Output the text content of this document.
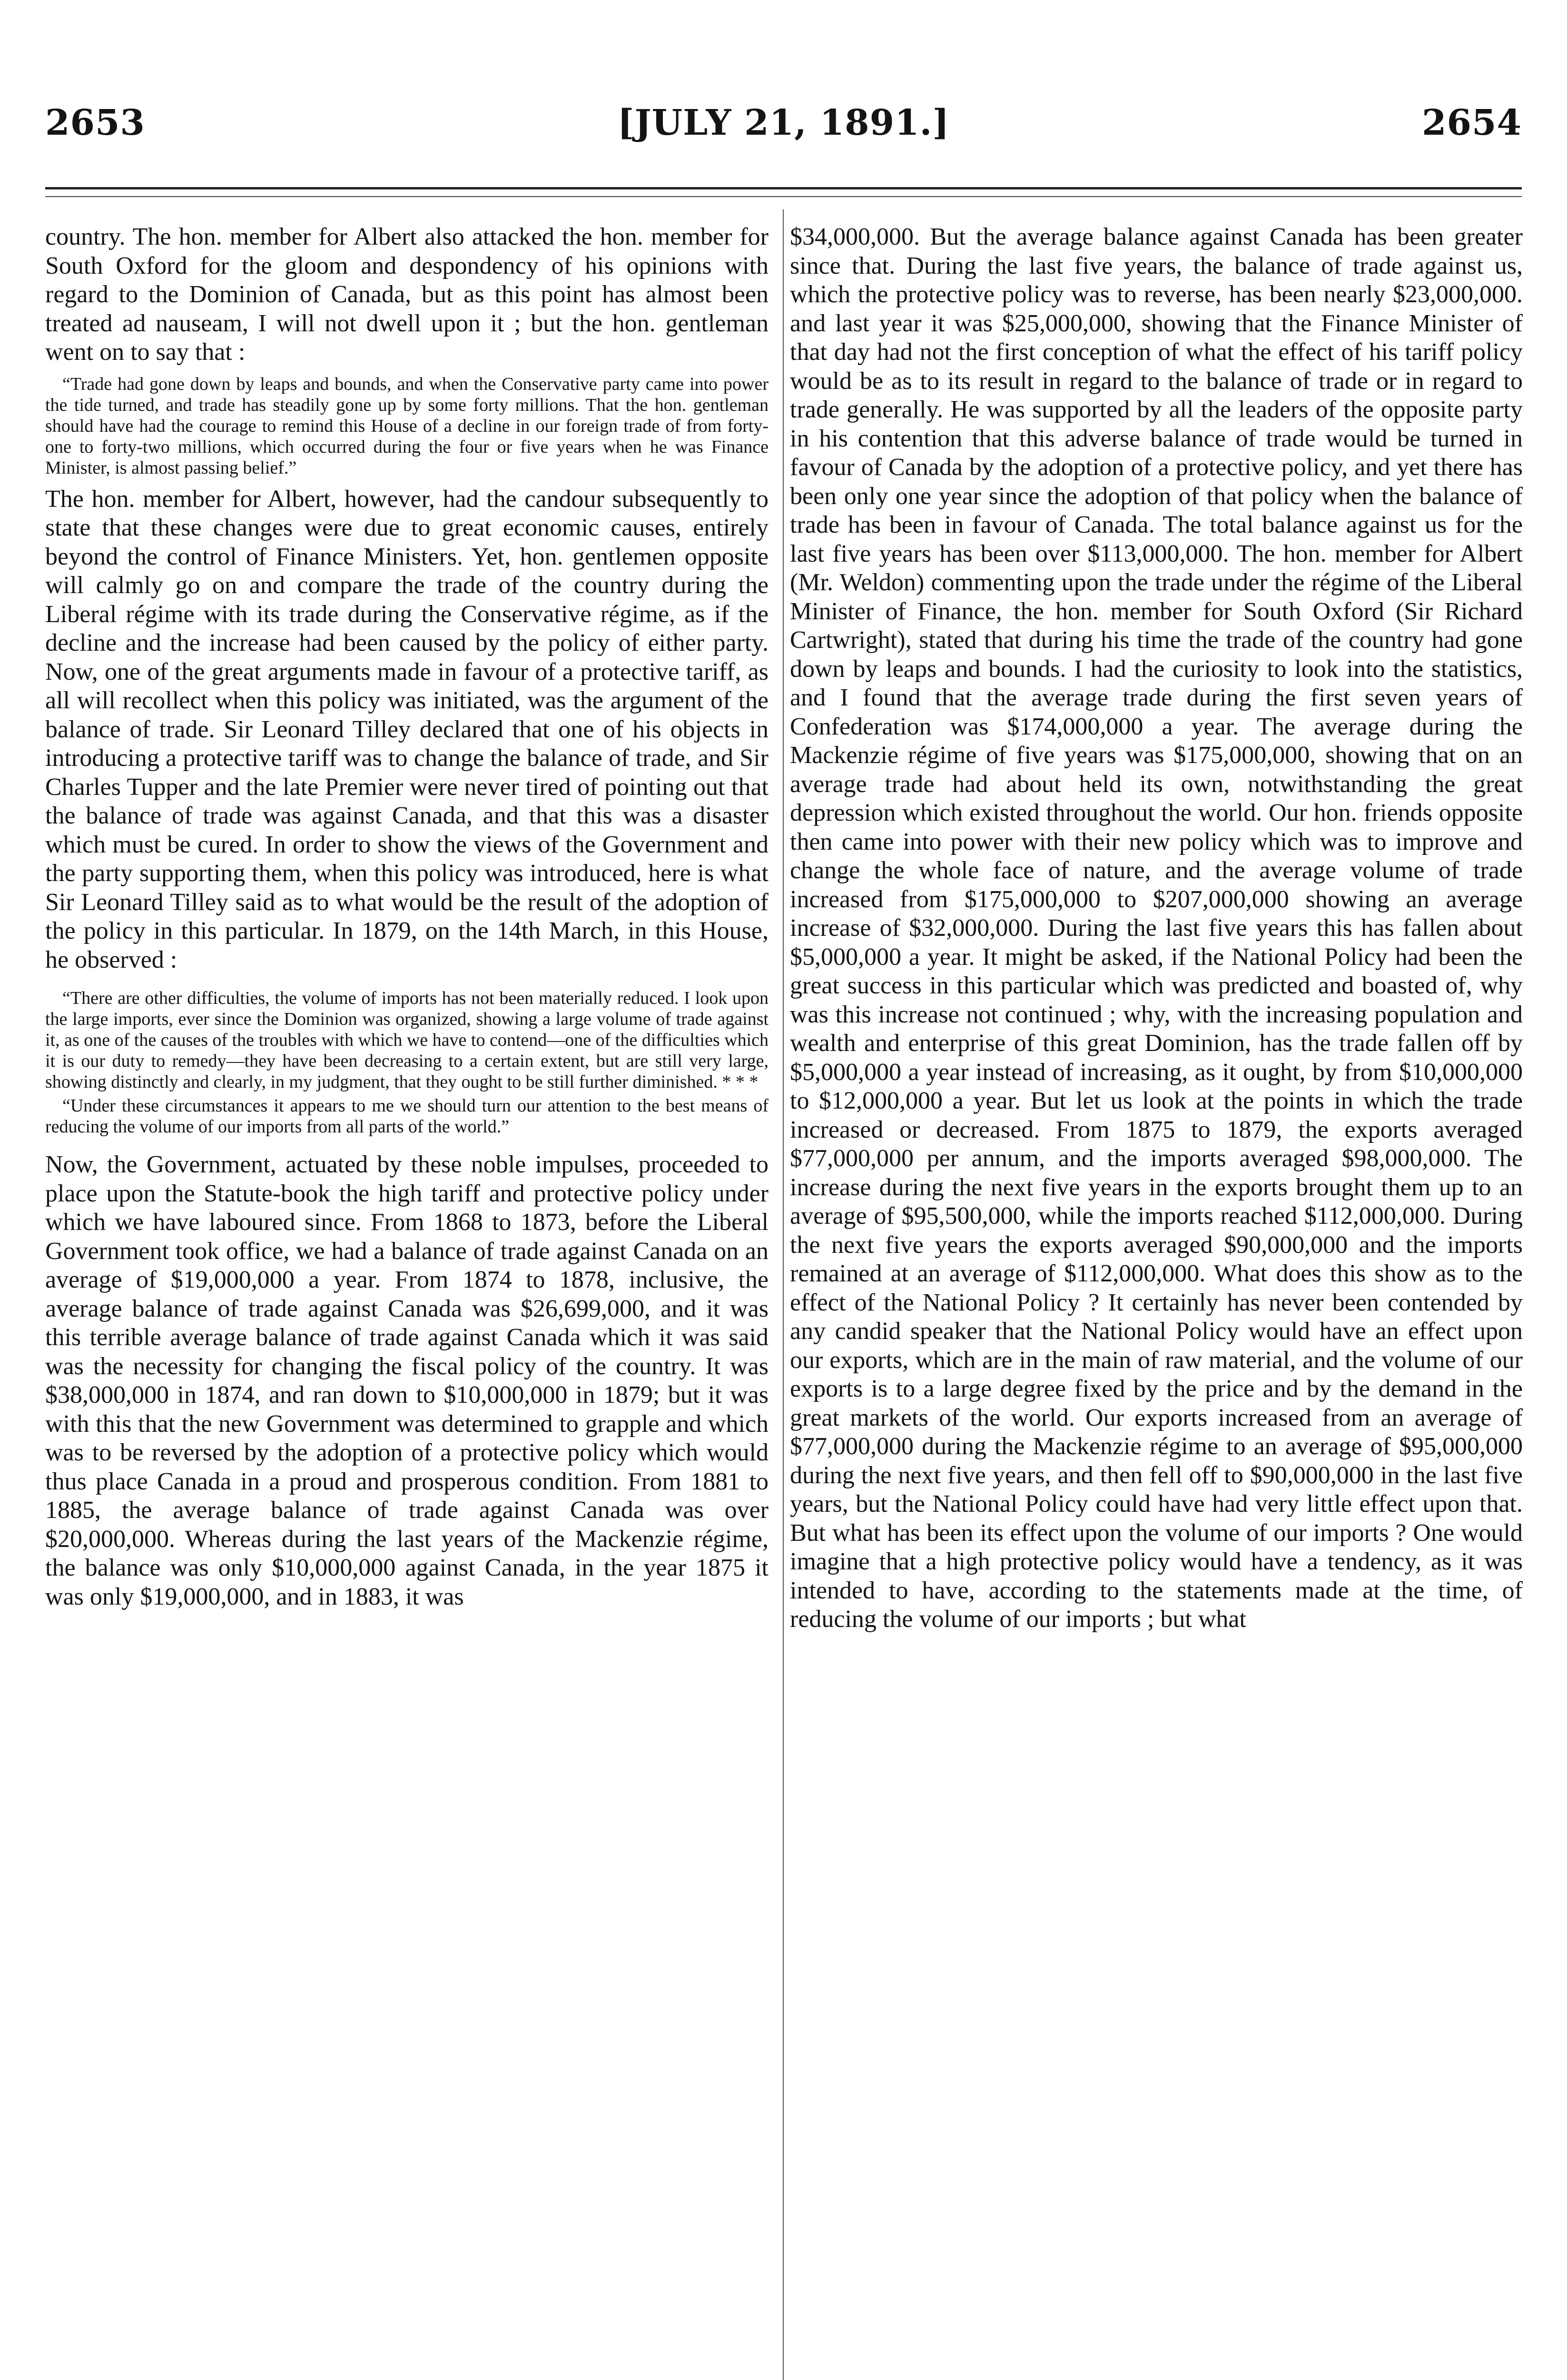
2653	[JULY 21, 1891.]	2654

country. The hon. member for Albert also attacked the hon. member for South Oxford for the gloom and despondency of his opinions with regard to the Dominion of Canada, but as this point has almost been treated ad nauseam, I will not dwell upon it ; but the hon. gentleman went on to say that :

“Trade had gone down by leaps and bounds, and when the Conservative party came into power the tide turned, and trade has steadily gone up by some forty millions. That the hon. gentleman should have had the courage to remind this House of a decline in our foreign trade of from forty-one to forty-two millions, which occurred during the four or five years when he was Finance Minister, is almost passing belief.”

The hon. member for Albert, however, had the candour subsequently to state that these changes were due to great economic causes, entirely beyond the control of Finance Ministers. Yet, hon. gentlemen opposite will calmly go on and compare the trade of the country during the Liberal régime with its trade during the Conservative régime, as if the decline and the increase had been caused by the policy of either party. Now, one of the great arguments made in favour of a protective tariff, as all will recollect when this policy was initiated, was the argument of the balance of trade. Sir Leonard Tilley declared that one of his objects in introducing a protective tariff was to change the balance of trade, and Sir Charles Tupper and the late Premier were never tired of pointing out that the balance of trade was against Canada, and that this was a disaster which must be cured. In order to show the views of the Government and the party supporting them, when this policy was introduced, here is what Sir Leonard Tilley said as to what would be the result of the adoption of the policy in this particular. In 1879, on the 14th March, in this House, he observed :

“There are other difficulties, the volume of imports has not been materially reduced. I look upon the large imports, ever since the Dominion was organized, showing a large volume of trade against it, as one of the causes of the troubles with which we have to contend—one of the difficulties which it is our duty to remedy—they have been decreasing to a certain extent, but are still very large, showing distinctly and clearly, in my judgment, that they ought to be still further diminished. * * *

“Under these circumstances it appears to me we should turn our attention to the best means of reducing the volume of our imports from all parts of the world.”

Now, the Government, actuated by these noble impulses, proceeded to place upon the Statute-book the high tariff and protective policy under which we have laboured since. From 1868 to 1873, before the Liberal Government took office, we had a balance of trade against Canada on an average of $19,000,000 a year. From 1874 to 1878, inclusive, the average balance of trade against Canada was $26,699,000, and it was this terrible average balance of trade against Canada which it was said was the necessity for changing the fiscal policy of the country. It was $38,000,000 in 1874, and ran down to $10,000,000 in 1879; but it was with this that the new Government was determined to grapple and which was to be reversed by the adoption of a protective policy which would thus place Canada in a proud and prosperous condition. From 1881 to 1885, the average balance of trade against Canada was over $20,000,000. Whereas during the last years of the Mackenzie régime, the balance was only $10,000,000 against Canada, in the year 1875 it was only $19,000,000, and in 1883, it was

$34,000,000. But the average balance against Canada has been greater since that. During the last five years, the balance of trade against us, which the protective policy was to reverse, has been nearly $23,000,000. and last year it was $25,000,000, showing that the Finance Minister of that day had not the first conception of what the effect of his tariff policy would be as to its result in regard to the balance of trade or in regard to trade generally. He was supported by all the leaders of the opposite party in his contention that this adverse balance of trade would be turned in favour of Canada by the adoption of a protective policy, and yet there has been only one year since the adoption of that policy when the balance of trade has been in favour of Canada. The total balance against us for the last five years has been over $113,000,000. The hon. member for Albert (Mr. Weldon) commenting upon the trade under the régime of the Liberal Minister of Finance, the hon. member for South Oxford (Sir Richard Cartwright), stated that during his time the trade of the country had gone down by leaps and bounds. I had the curiosity to look into the statistics, and I found that the average trade during the first seven years of Confederation was $174,000,000 a year. The average during the Mackenzie régime of five years was $175,000,000, showing that on an average trade had about held its own, notwithstanding the great depression which existed throughout the world. Our hon. friends opposite then came into power with their new policy which was to improve and change the whole face of nature, and the average volume of trade increased from $175,000,000 to $207,000,000 showing an average increase of $32,000,000. During the last five years this has fallen about $5,000,000 a year. It might be asked, if the National Policy had been the great success in this particular which was predicted and boasted of, why was this increase not continued ; why, with the increasing population and wealth and enterprise of this great Dominion, has the trade fallen off by $5,000,000 a year instead of increasing, as it ought, by from $10,000,000 to $12,000,000 a year. But let us look at the points in which the trade increased or decreased. From 1875 to 1879, the exports averaged $77,000,000 per annum, and the imports averaged $98,000,000. The increase during the next five years in the exports brought them up to an average of $95,500,000, while the imports reached $112,000,000. During the next five years the exports averaged $90,000,000 and the imports remained at an average of $112,000,000. What does this show as to the effect of the National Policy ? It certainly has never been contended by any candid speaker that the National Policy would have an effect upon our exports, which are in the main of raw material, and the volume of our exports is to a large degree fixed by the price and by the demand in the great markets of the world. Our exports increased from an average of $77,000,000 during the Mackenzie régime to an average of $95,000,000 during the next five years, and then fell off to $90,000,000 in the last five years, but the National Policy could have had very little effect upon that. But what has been its effect upon the volume of our imports ? One would imagine that a high protective policy would have a tendency, as it was intended to have, according to the statements made at the time, of reducing the volume of our imports ; but what
